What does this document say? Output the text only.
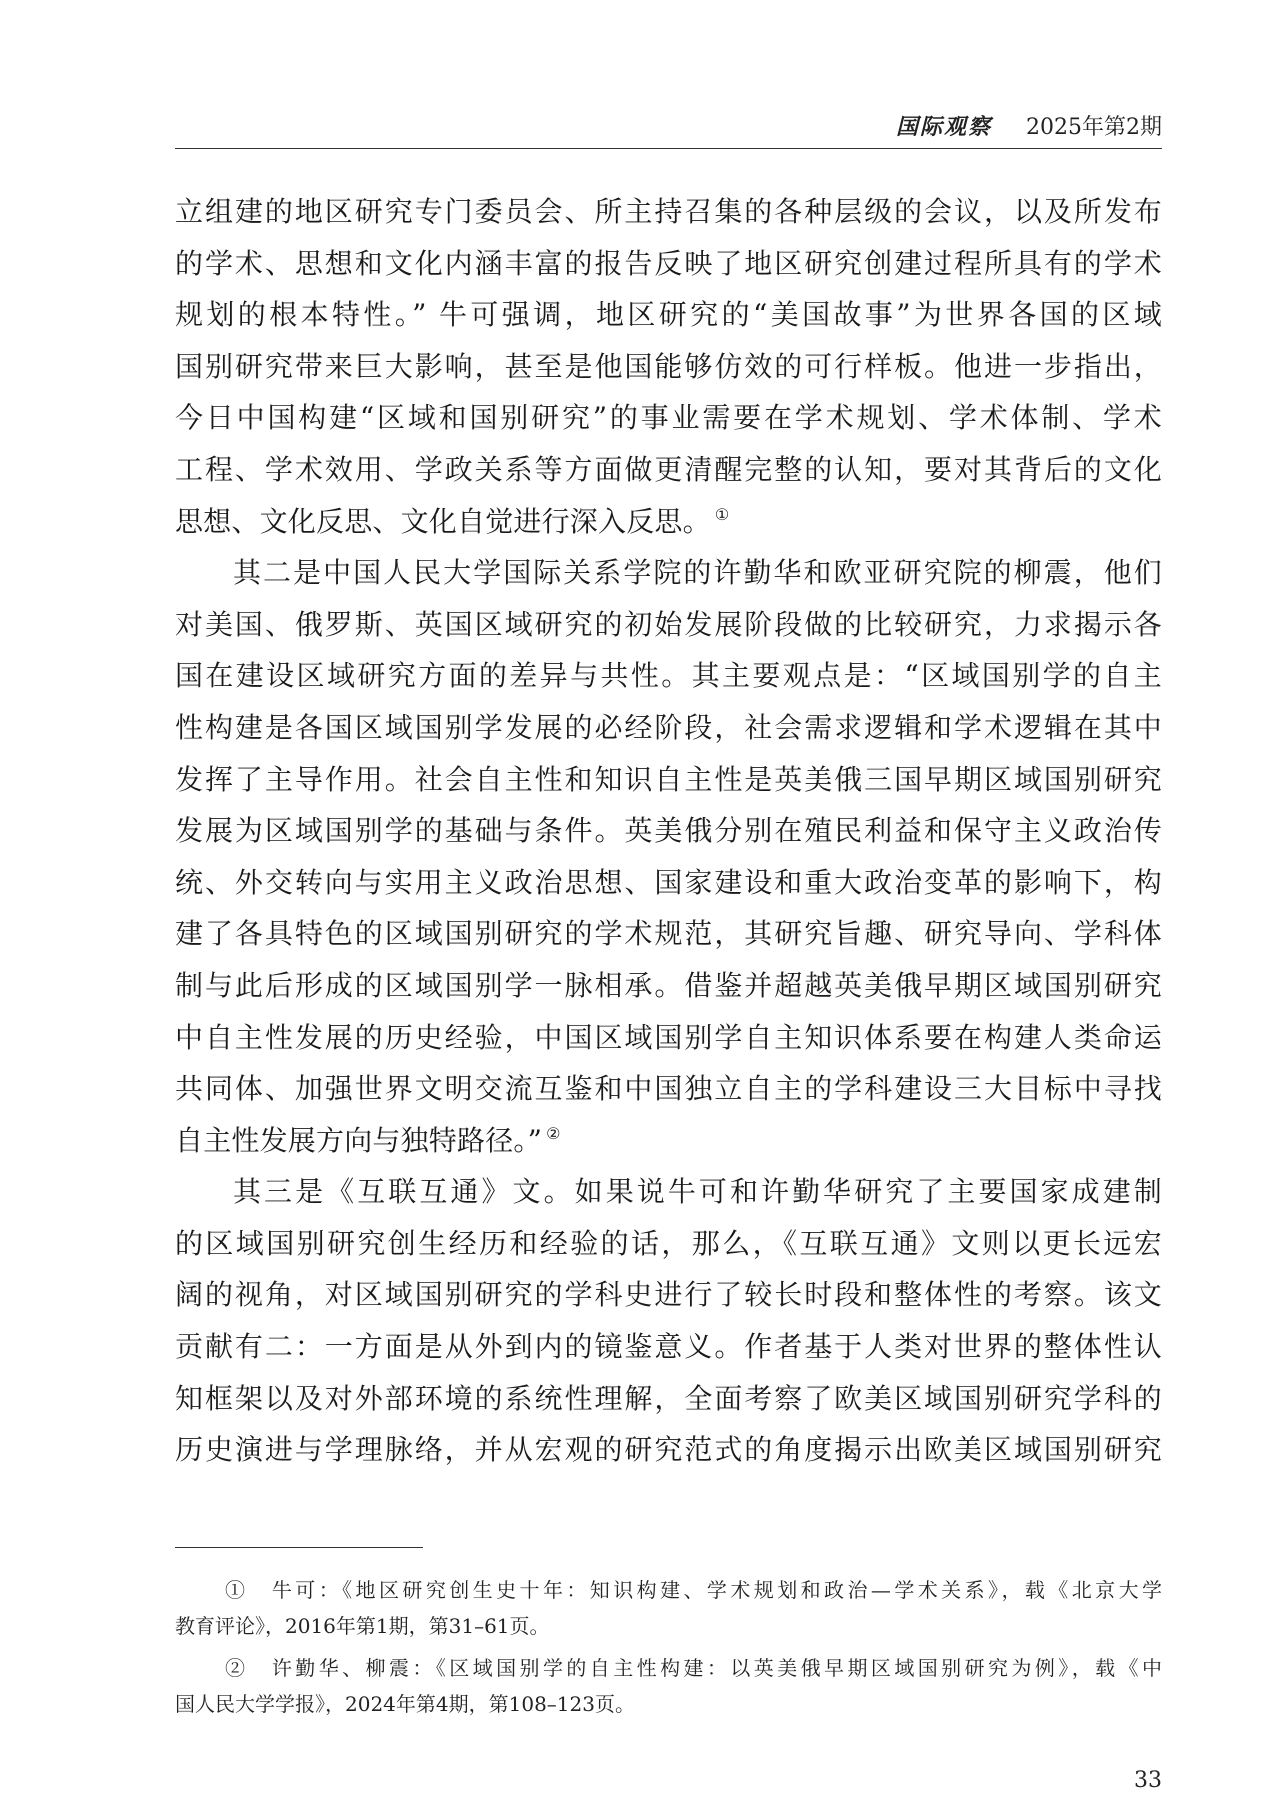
国际观察 2025年第2期
立组建的地区研究专门委员会、所主持召集的各种层级的会议，以及所发布
的学术、思想和文化内涵丰富的报告反映了地区研究创建过程所具有的学术
规划的根本特性。” 牛可强调，地区研究的“美国故事”为世界各国的区域
国别研究带来巨大影响，甚至是他国能够仿效的可行样板。他进一步指出，
今日中国构建“区域和国别研究”的事业需要在学术规划、学术体制、学术
工程、学术效用、学政关系等方面做更清醒完整的认知，要对其背后的文化
思想、文化反思、文化自觉进行深入反思。 ①
其二是中国人民大学国际关系学院的许勤华和欧亚研究院的柳震，他们
对美国、俄罗斯、英国区域研究的初始发展阶段做的比较研究，力求揭示各
国在建设区域研究方面的差异与共性。其主要观点是：“区域国别学的自主
性构建是各国区域国别学发展的必经阶段，社会需求逻辑和学术逻辑在其中
发挥了主导作用。社会自主性和知识自主性是英美俄三国早期区域国别研究
发展为区域国别学的基础与条件。英美俄分别在殖民利益和保守主义政治传
统、外交转向与实用主义政治思想、国家建设和重大政治变革的影响下，构
建了各具特色的区域国别研究的学术规范，其研究旨趣、研究导向、学科体
制与此后形成的区域国别学一脉相承。借鉴并超越英美俄早期区域国别研究
中自主性发展的历史经验，中国区域国别学自主知识体系要在构建人类命运
共同体、加强世界文明交流互鉴和中国独立自主的学科建设三大目标中寻找
自主性发展方向与独特路径。” ②
其三是《互联互通》文。如果说牛可和许勤华研究了主要国家成建制
的区域国别研究创生经历和经验的话，那么，《互联互通》文则以更长远宏
阔的视角，对区域国别研究的学科史进行了较长时段和整体性的考察。该文
贡献有二：一方面是从外到内的镜鉴意义。作者基于人类对世界的整体性认
知框架以及对外部环境的系统性理解，全面考察了欧美区域国别研究学科的
历史演进与学理脉络，并从宏观的研究范式的角度揭示出欧美区域国别研究
①　牛可：《地区研究创生史十年：知识构建、学术规划和政治—学术关系》，载《北京大学
教育评论》，2016年第1期，第31–61页。
②　许勤华、柳震：《区域国别学的自主性构建：以英美俄早期区域国别研究为例》，载《中
国人民大学学报》，2024年第4期，第108–123页。
33
